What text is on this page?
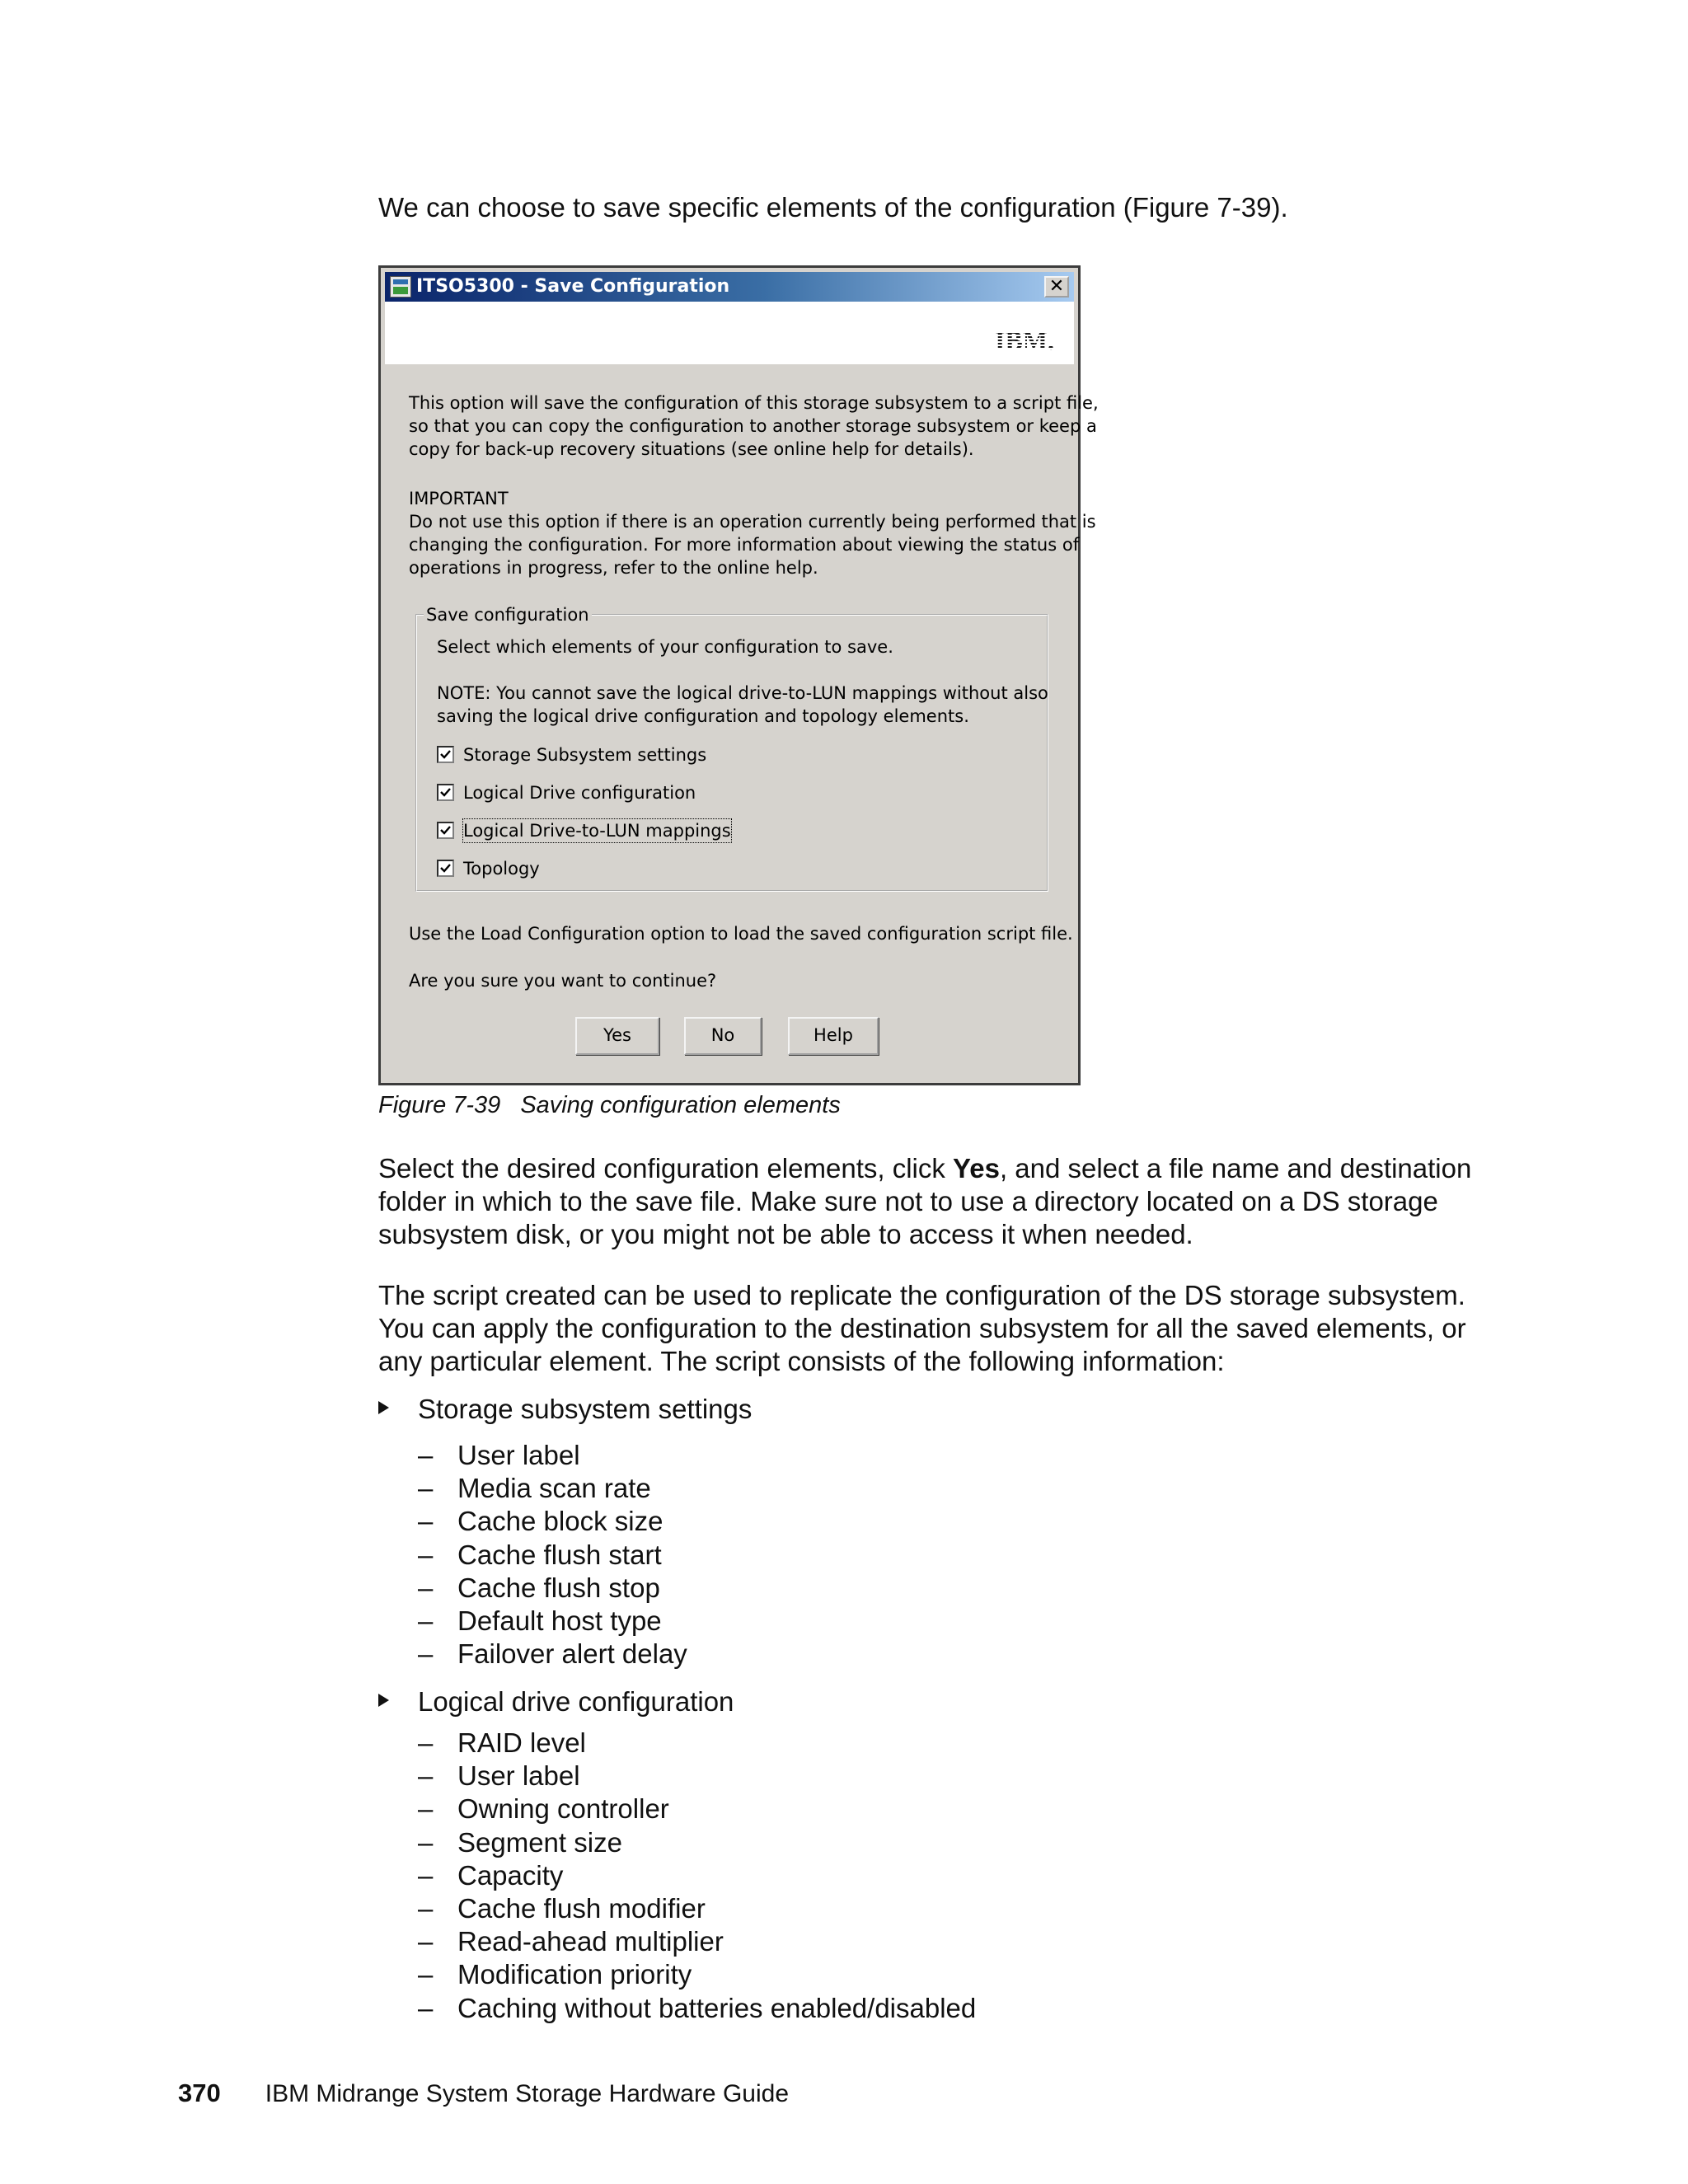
We can choose to save specific elements of the configuration (Figure 7-39).

ITSO5300 - Save Configuration	✕
IBM.
This option will save the configuration of this storage subsystem to a script file,
so that you can copy the configuration to another storage subsystem or keep a
copy for back-up recovery situations (see online help for details).
IMPORTANT
Do not use this option if there is an operation currently being performed that is
changing the configuration. For more information about viewing the status of
operations in progress, refer to the online help.
Save configuration
Select which elements of your configuration to save.
NOTE: You cannot save the logical drive-to-LUN mappings without also
saving the logical drive configuration and topology elements.
Storage Subsystem settings
Logical Drive configuration
Logical Drive-to-LUN mappings
Topology
Use the Load Configuration option to load the saved configuration script file.
Are you sure you want to continue?
Yes	No	Help
Figure 7-39 Saving configuration elements

Select the desired configuration elements, click Yes, and select a file name and destination folder in which to the save file. Make sure not to use a directory located on a DS storage subsystem disk, or you might not be able to access it when needed.

The script created can be used to replicate the configuration of the DS storage subsystem. You can apply the configuration to the destination subsystem for all the saved elements, or any particular element. The script consists of the following information:

Storage subsystem settings
– User label
– Media scan rate
– Cache block size
– Cache flush start
– Cache flush stop
– Default host type
– Failover alert delay
Logical drive configuration
– RAID level
– User label
– Owning controller
– Segment size
– Capacity
– Cache flush modifier
– Read-ahead multiplier
– Modification priority
– Caching without batteries enabled/disabled
370 IBM Midrange System Storage Hardware Guide
